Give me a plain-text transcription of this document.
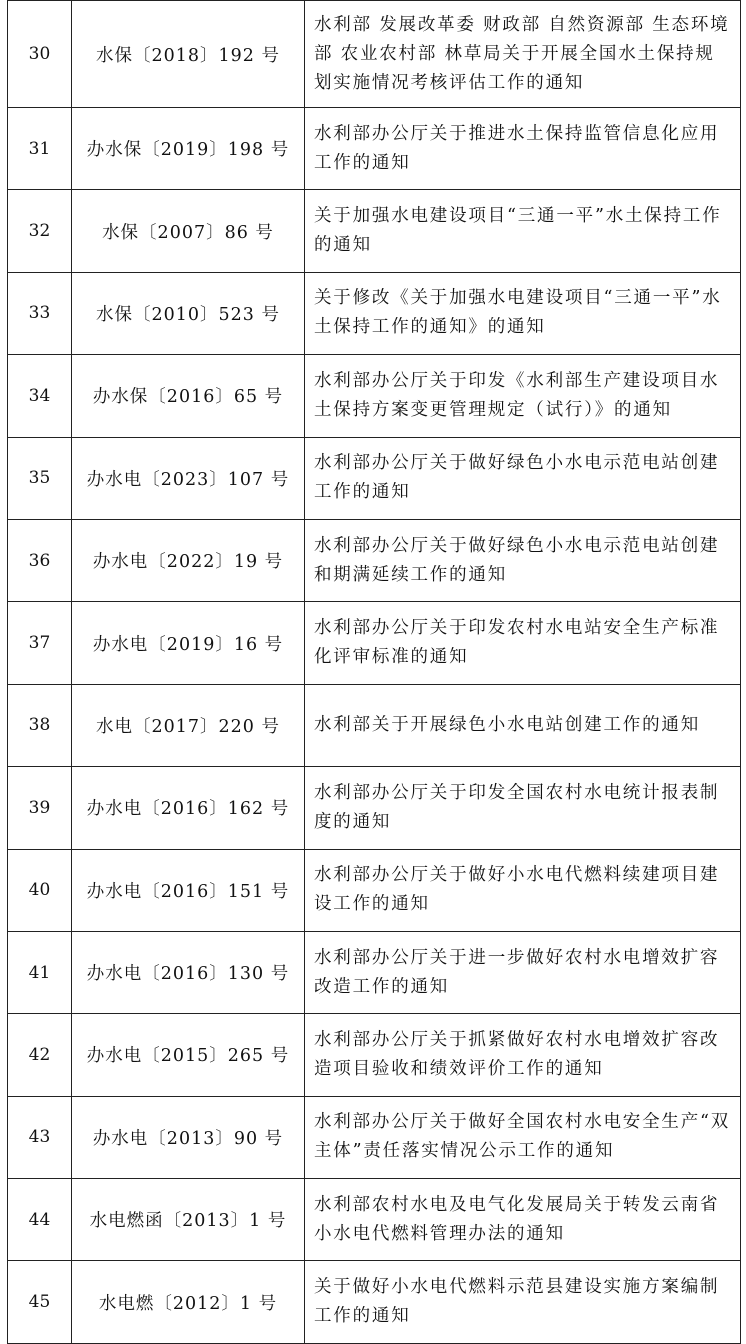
30	水保〔2018〕192 号	水利部 发展改革委 财政部 自然资源部 生态环境部 农业农村部 林草局关于开展全国水土保持规划实施情况考核评估工作的通知
31	办水保〔2019〕198 号	水利部办公厅关于推进水土保持监管信息化应用工作的通知
32	水保〔2007〕86 号	关于加强水电建设项目“三通一平”水土保持工作的通知
33	水保〔2010〕523 号	关于修改《关于加强水电建设项目“三通一平”水土保持工作的通知》的通知
34	办水保〔2016〕65 号	水利部办公厅关于印发《水利部生产建设项目水土保持方案变更管理规定（试行）》的通知
35	办水电〔2023〕107 号	水利部办公厅关于做好绿色小水电示范电站创建工作的通知
36	办水电〔2022〕19 号	水利部办公厅关于做好绿色小水电示范电站创建和期满延续工作的通知
37	办水电〔2019〕16 号	水利部办公厅关于印发农村水电站安全生产标准化评审标准的通知
38	水电〔2017〕220 号	水利部关于开展绿色小水电站创建工作的通知
39	办水电〔2016〕162 号	水利部办公厅关于印发全国农村水电统计报表制度的通知
40	办水电〔2016〕151 号	水利部办公厅关于做好小水电代燃料续建项目建设工作的通知
41	办水电〔2016〕130 号	水利部办公厅关于进一步做好农村水电增效扩容改造工作的通知
42	办水电〔2015〕265 号	水利部办公厅关于抓紧做好农村水电增效扩容改造项目验收和绩效评价工作的通知
43	办水电〔2013〕90 号	水利部办公厅关于做好全国农村水电安全生产“双主体”责任落实情况公示工作的通知
44	水电燃函〔2013〕1 号	水利部农村水电及电气化发展局关于转发云南省小水电代燃料管理办法的通知
45	水电燃〔2012〕1 号	关于做好小水电代燃料示范县建设实施方案编制工作的通知
